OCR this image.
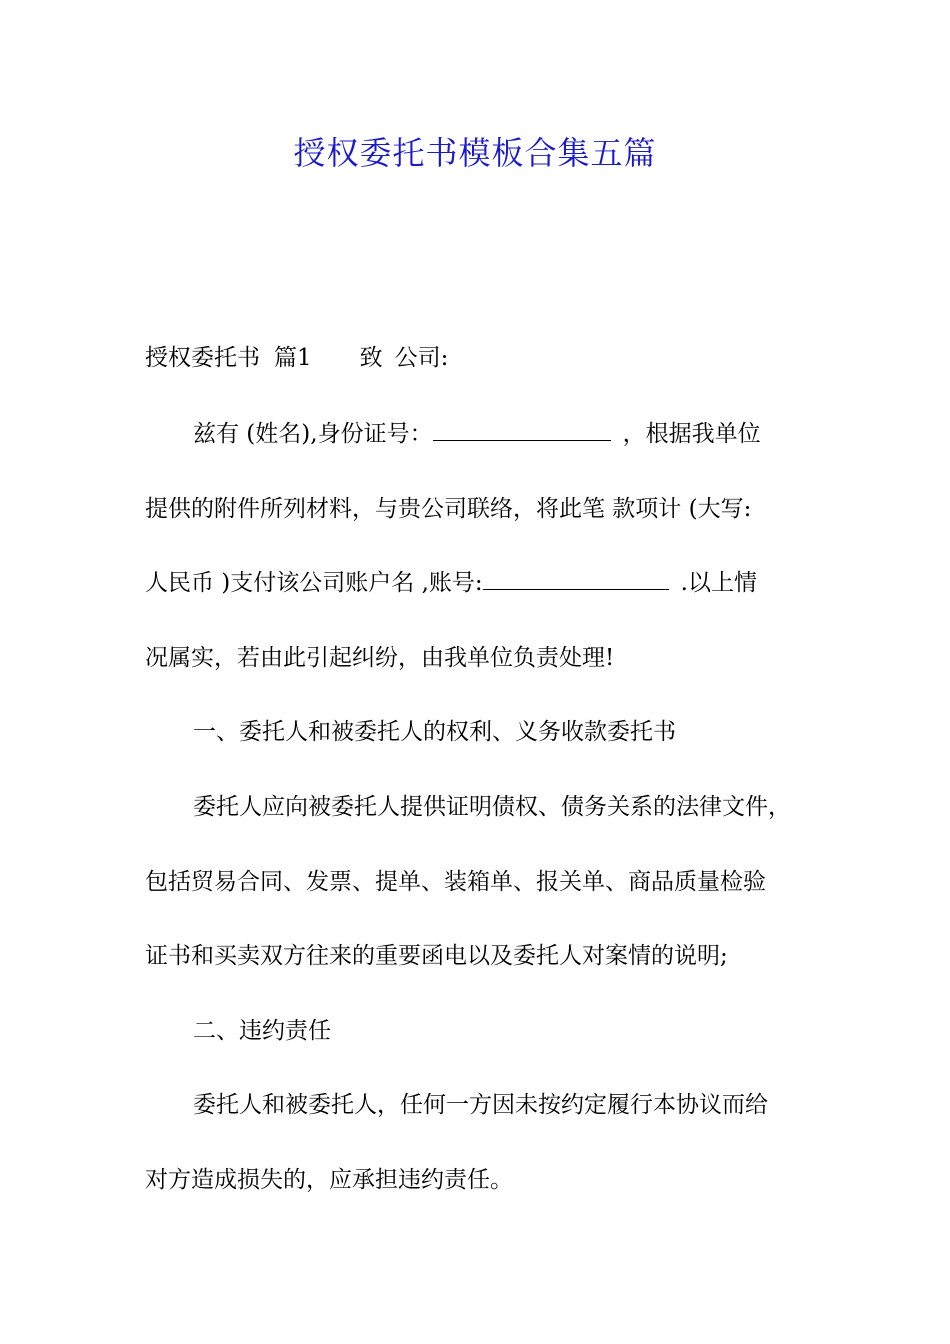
授权委托书模板合集五篇
授权委托书 篇1 致 公司:
兹有 (姓名),身份证号：	，根据我单位
提供的附件所列材料，与贵公司联络，将此笔 款项计 (大写:
人民币 )支付该公司账户名 ,账号:	.以上情
况属实，若由此引起纠纷，由我单位负责处理!
一、委托人和被委托人的权利、义务收款委托书
委托人应向被委托人提供证明债权、债务关系的法律文件，
包括贸易合同、发票、提单、装箱单、报关单、商品质量检验
证书和买卖双方往来的重要函电以及委托人对案情的说明;
二、违约责任
委托人和被委托人，任何一方因未按约定履行本协议而给
对方造成损失的，应承担违约责任。
